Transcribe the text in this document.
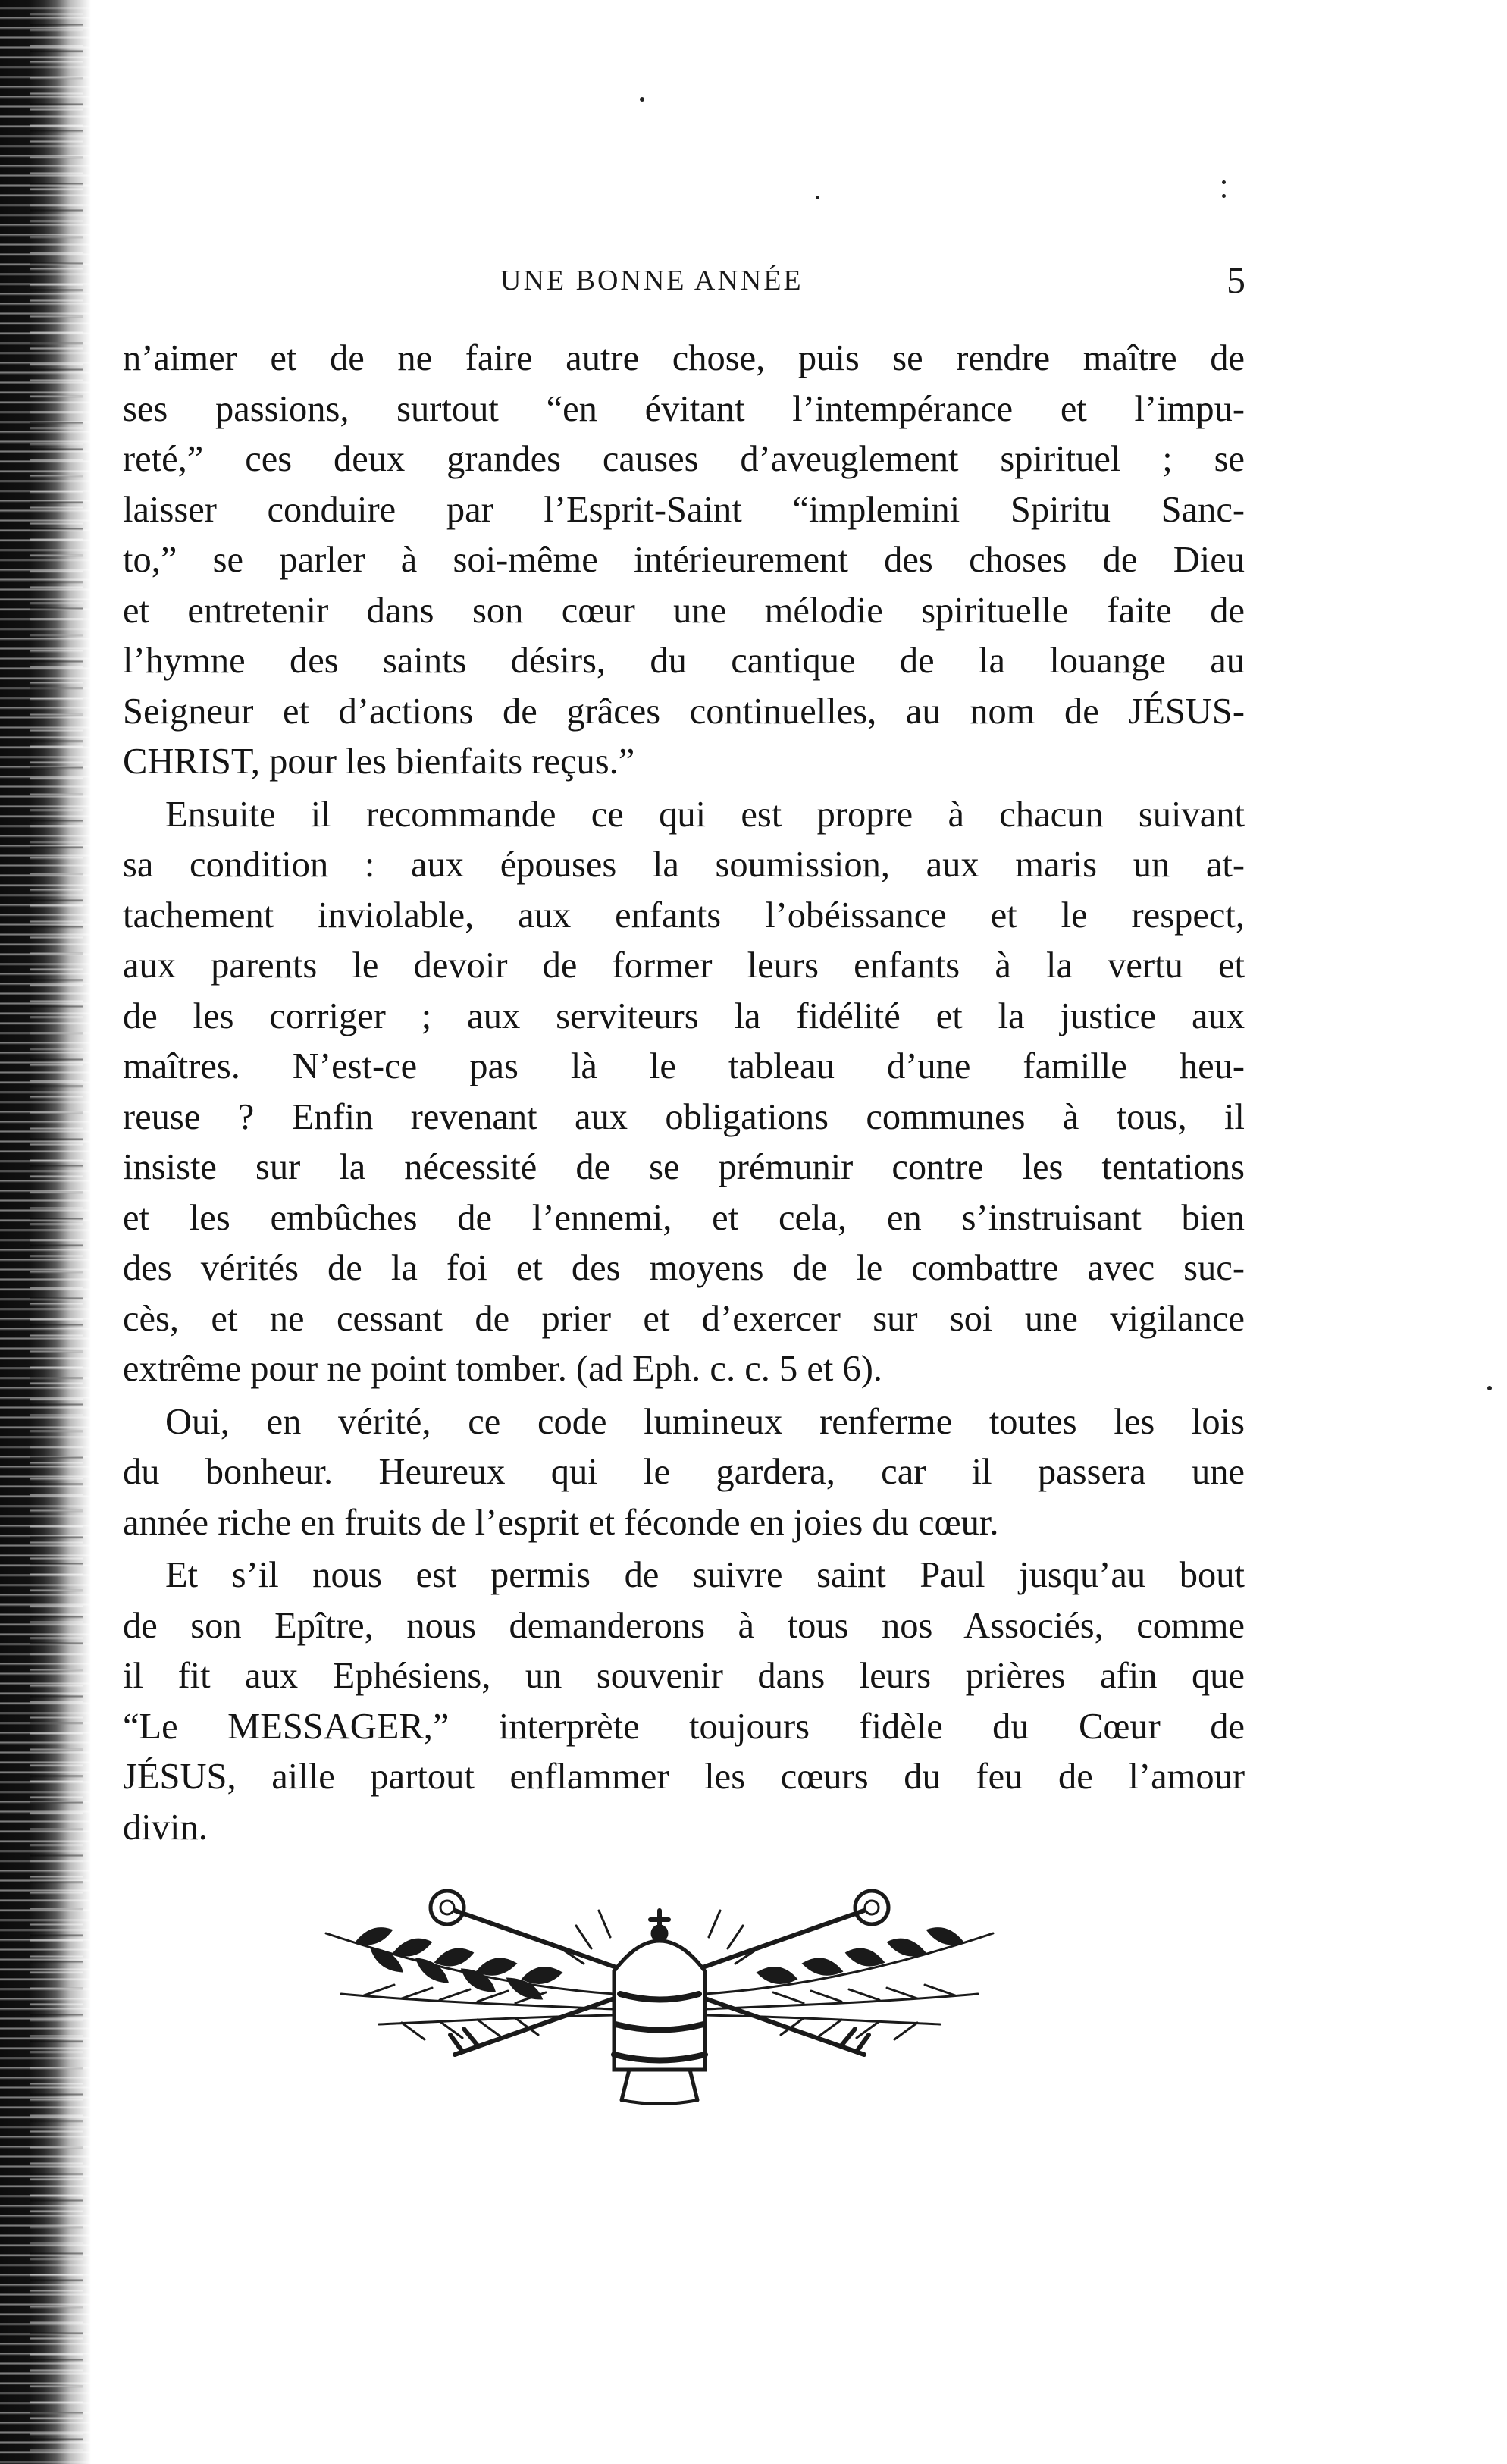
UNE BONNE ANNÉE	5
n’aimer et de ne faire autre chose, puis se rendre maître de
ses passions, surtout “en évitant l’intempérance et l’impu-
reté,” ces deux grandes causes d’aveuglement spirituel ; se
laisser conduire par l’Esprit-Saint “implemini Spiritu Sanc-
to,” se parler à soi-même intérieurement des choses de Dieu
et entretenir dans son cœur une mélodie spirituelle faite de
l’hymne des saints désirs, du cantique de la louange au
Seigneur et d’actions de grâces continuelles, au nom de JÉSUS-
CHRIST, pour les bienfaits reçus.”
Ensuite il recommande ce qui est propre à chacun suivant
sa condition : aux épouses la soumission, aux maris un at-
tachement inviolable, aux enfants l’obéissance et le respect,
aux parents le devoir de former leurs enfants à la vertu et
de les corriger ; aux serviteurs la fidélité et la justice aux
maîtres. N’est-ce pas là le tableau d’une famille heu-
reuse ? Enfin revenant aux obligations communes à tous, il
insiste sur la nécessité de se prémunir contre les tentations
et les embûches de l’ennemi, et cela, en s’instruisant bien
des vérités de la foi et des moyens de le combattre avec suc-
cès, et ne cessant de prier et d’exercer sur soi une vigilance
extrême pour ne point tomber. (ad Eph. c. c. 5 et 6).
Oui, en vérité, ce code lumineux renferme toutes les lois
du bonheur. Heureux qui le gardera, car il passera une
année riche en fruits de l’esprit et féconde en joies du cœur.
Et s’il nous est permis de suivre saint Paul jusqu’au bout
de son Epître, nous demanderons à tous nos Associés, comme
il fit aux Ephésiens, un souvenir dans leurs prières afin que
“Le MESSAGER,” interprète toujours fidèle du Cœur de
JÉSUS, aille partout enflammer les cœurs du feu de l’amour
divin.
